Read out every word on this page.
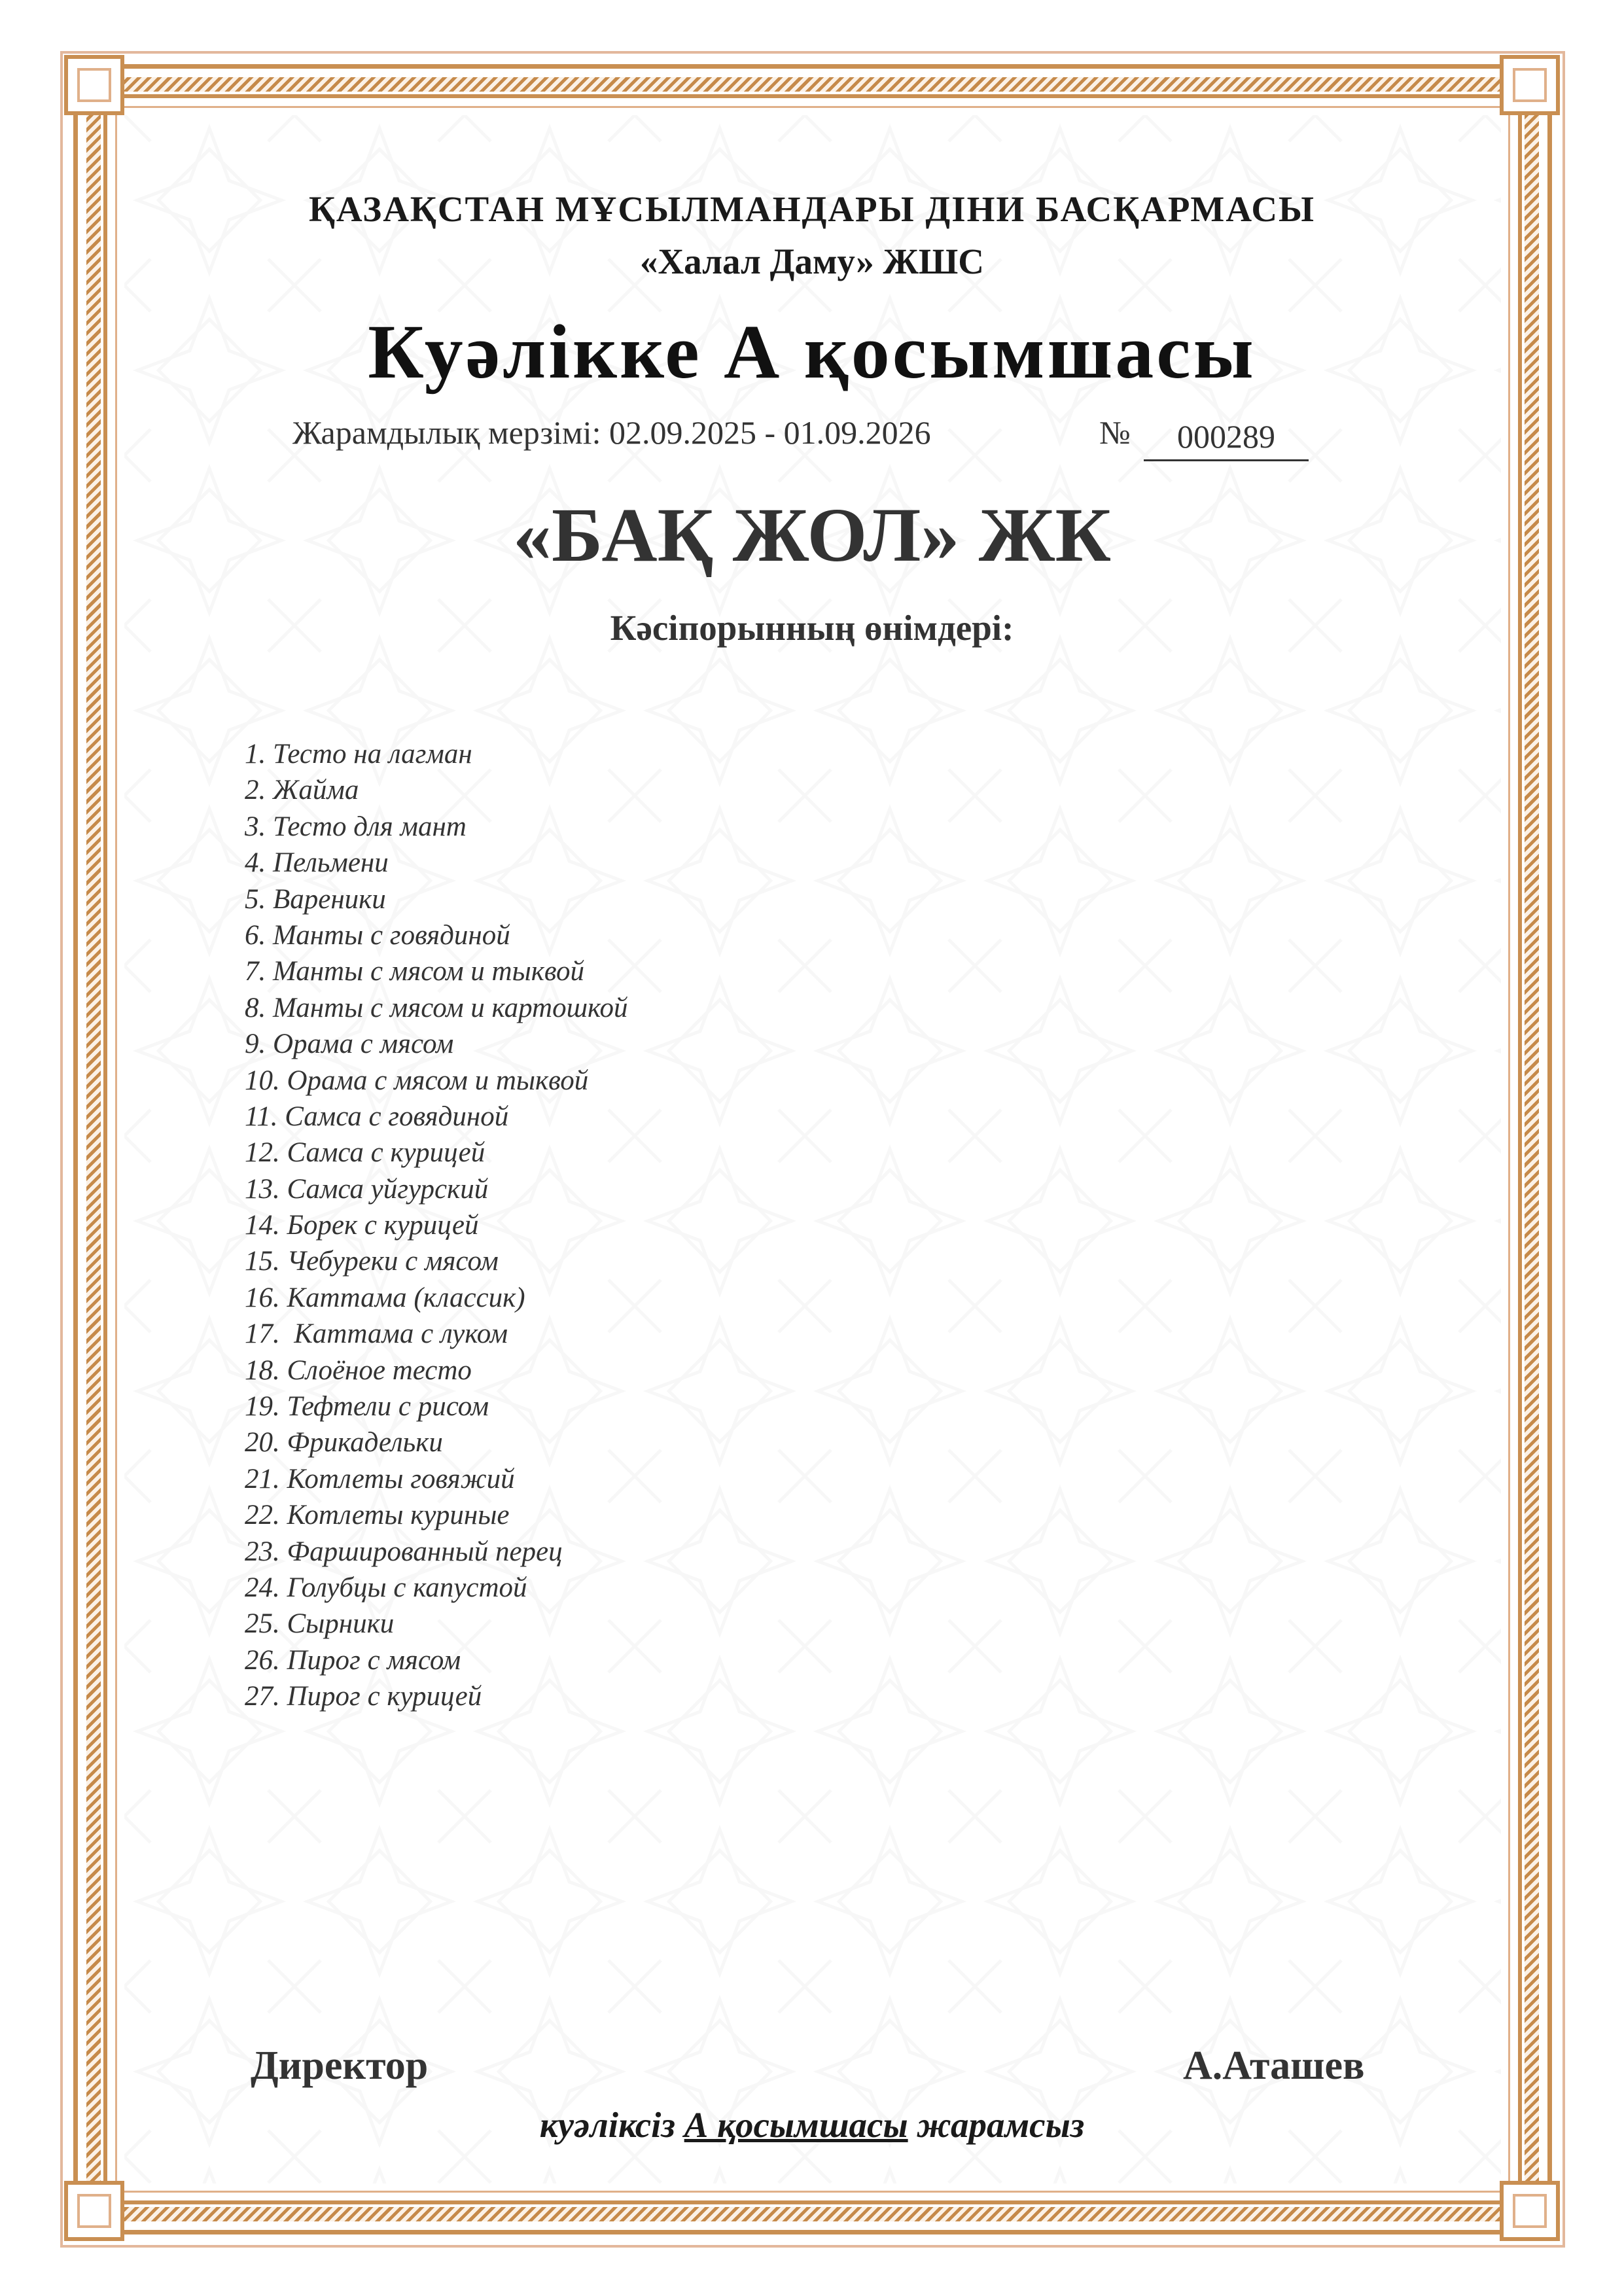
ҚАЗАҚСТАН МҰСЫЛМАНДАРЫ ДІНИ БАСҚАРМАСЫ

«Халал Даму» ЖШС

Куәлікке А қосымшасы

Жарамдылық мерзімі: 02.09.2025 - 01.09.2026	№	000289
«БАҚ ЖОЛ» ЖК

Кәсіпорынның өнімдері:

1. Тесто на лагман
2. Жайма
3. Тесто для мант
4. Пельмени
5. Вареники
6. Манты с говядиной
7. Манты с мясом и тыквой
8. Манты с мясом и картошкой
9. Орама с мясом
10. Орама с мясом и тыквой
11. Самса с говядиной
12. Самса с курицей
13. Самса уйгурский
14. Борек с курицей
15. Чебуреки с мясом
16. Каттама (классик)
17.  Каттама с луком
18. Слоёное тесто
19. Тефтели с рисом
20. Фрикадельки
21. Котлеты говяжий
22. Котлеты куриные
23. Фаршированный перец
24. Голубцы с капустой
25. Сырники
26. Пирог с мясом
27. Пирог с курицей

Директор	А.Аташев

куәліксіз А қосымшасы жарамсыз
